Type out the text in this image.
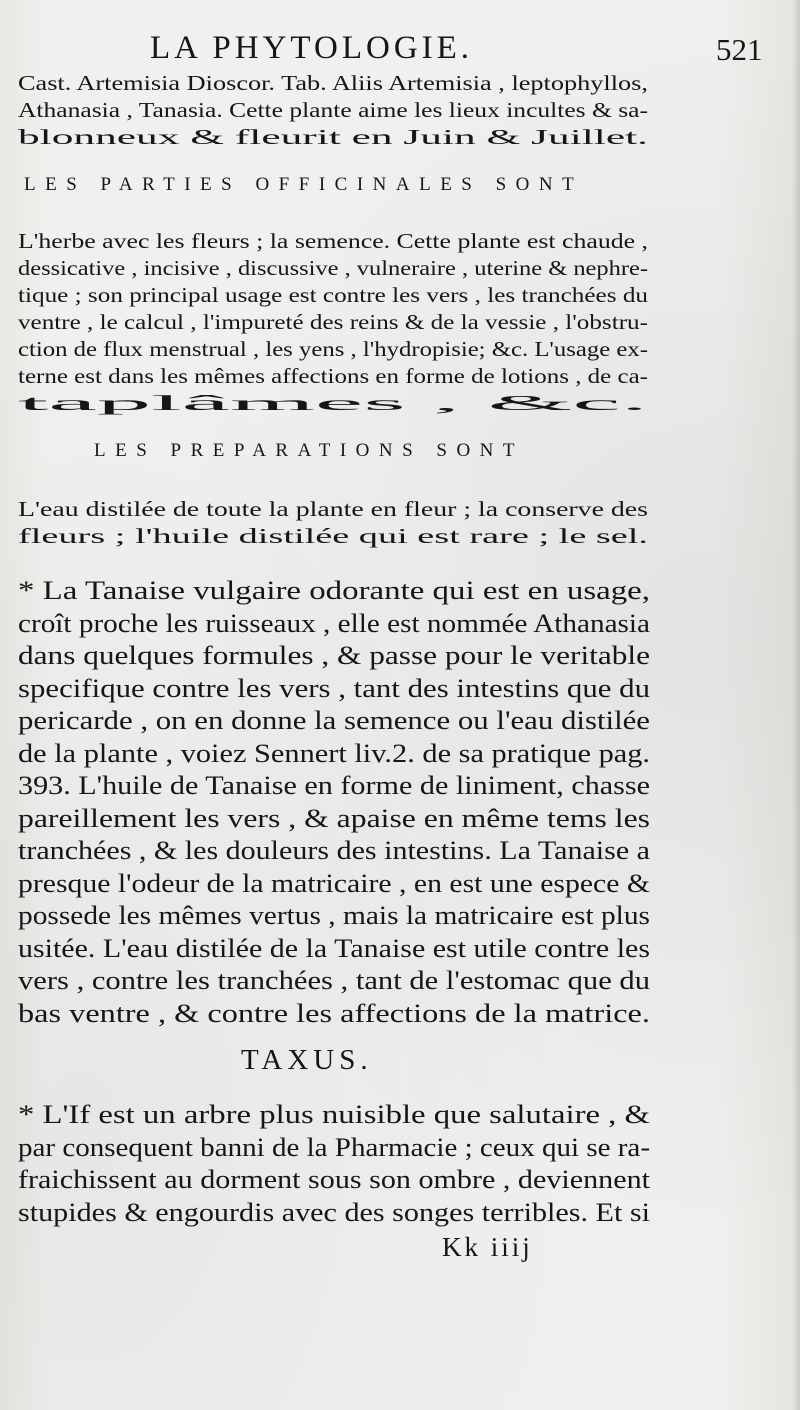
LA PHYTOLOGIE.	521
Cast. Artemisia Dioscor. Tab. Aliis Artemisia , leptophyllos,
Athanasia , Tanasia. Cette plante aime les lieux incultes & sa-
blonneux & fleurit en Juin & Juillet.
LES PARTIES OFFICINALES SONT
L'herbe avec les fleurs ; la semence. Cette plante est chaude ,
dessicative , incisive , discussive , vulneraire , uterine & nephre-
tique ; son principal usage est contre les vers , les tranchées du
ventre , le calcul , l'impureté des reins & de la vessie , l'obstru-
ction de flux menstrual , les yens , l'hydropisie; &c. L'usage ex-
terne est dans les mêmes affections en forme de lotions , de ca-
taplâmes , &c.
LES PREPARATIONS SONT
L'eau distilée de toute la plante en fleur ; la conserve des
fleurs ; l'huile distilée qui est rare ; le sel.
* La Tanaise vulgaire odorante qui est en usage,
croît proche les ruisseaux , elle est nommée Athanasia
dans quelques formules , & passe pour le veritable
specifique contre les vers , tant des intestins que du
pericarde , on en donne la semence ou l'eau distilée
de la plante , voiez Sennert liv.2. de sa pratique pag.
393. L'huile de Tanaise en forme de liniment, chasse
pareillement les vers , & apaise en même tems les
tranchées , & les douleurs des intestins. La Tanaise a
presque l'odeur de la matricaire , en est une espece &
possede les mêmes vertus , mais la matricaire est plus
usitée. L'eau distilée de la Tanaise est utile contre les
vers , contre les tranchées , tant de l'estomac que du
bas ventre , & contre les affections de la matrice.
TAXUS.
* L'If est un arbre plus nuisible que salutaire , &
par consequent banni de la Pharmacie ; ceux qui se ra-
fraichissent au dorment sous son ombre , deviennent
stupides & engourdis avec des songes terribles. Et si
Kk iiij
